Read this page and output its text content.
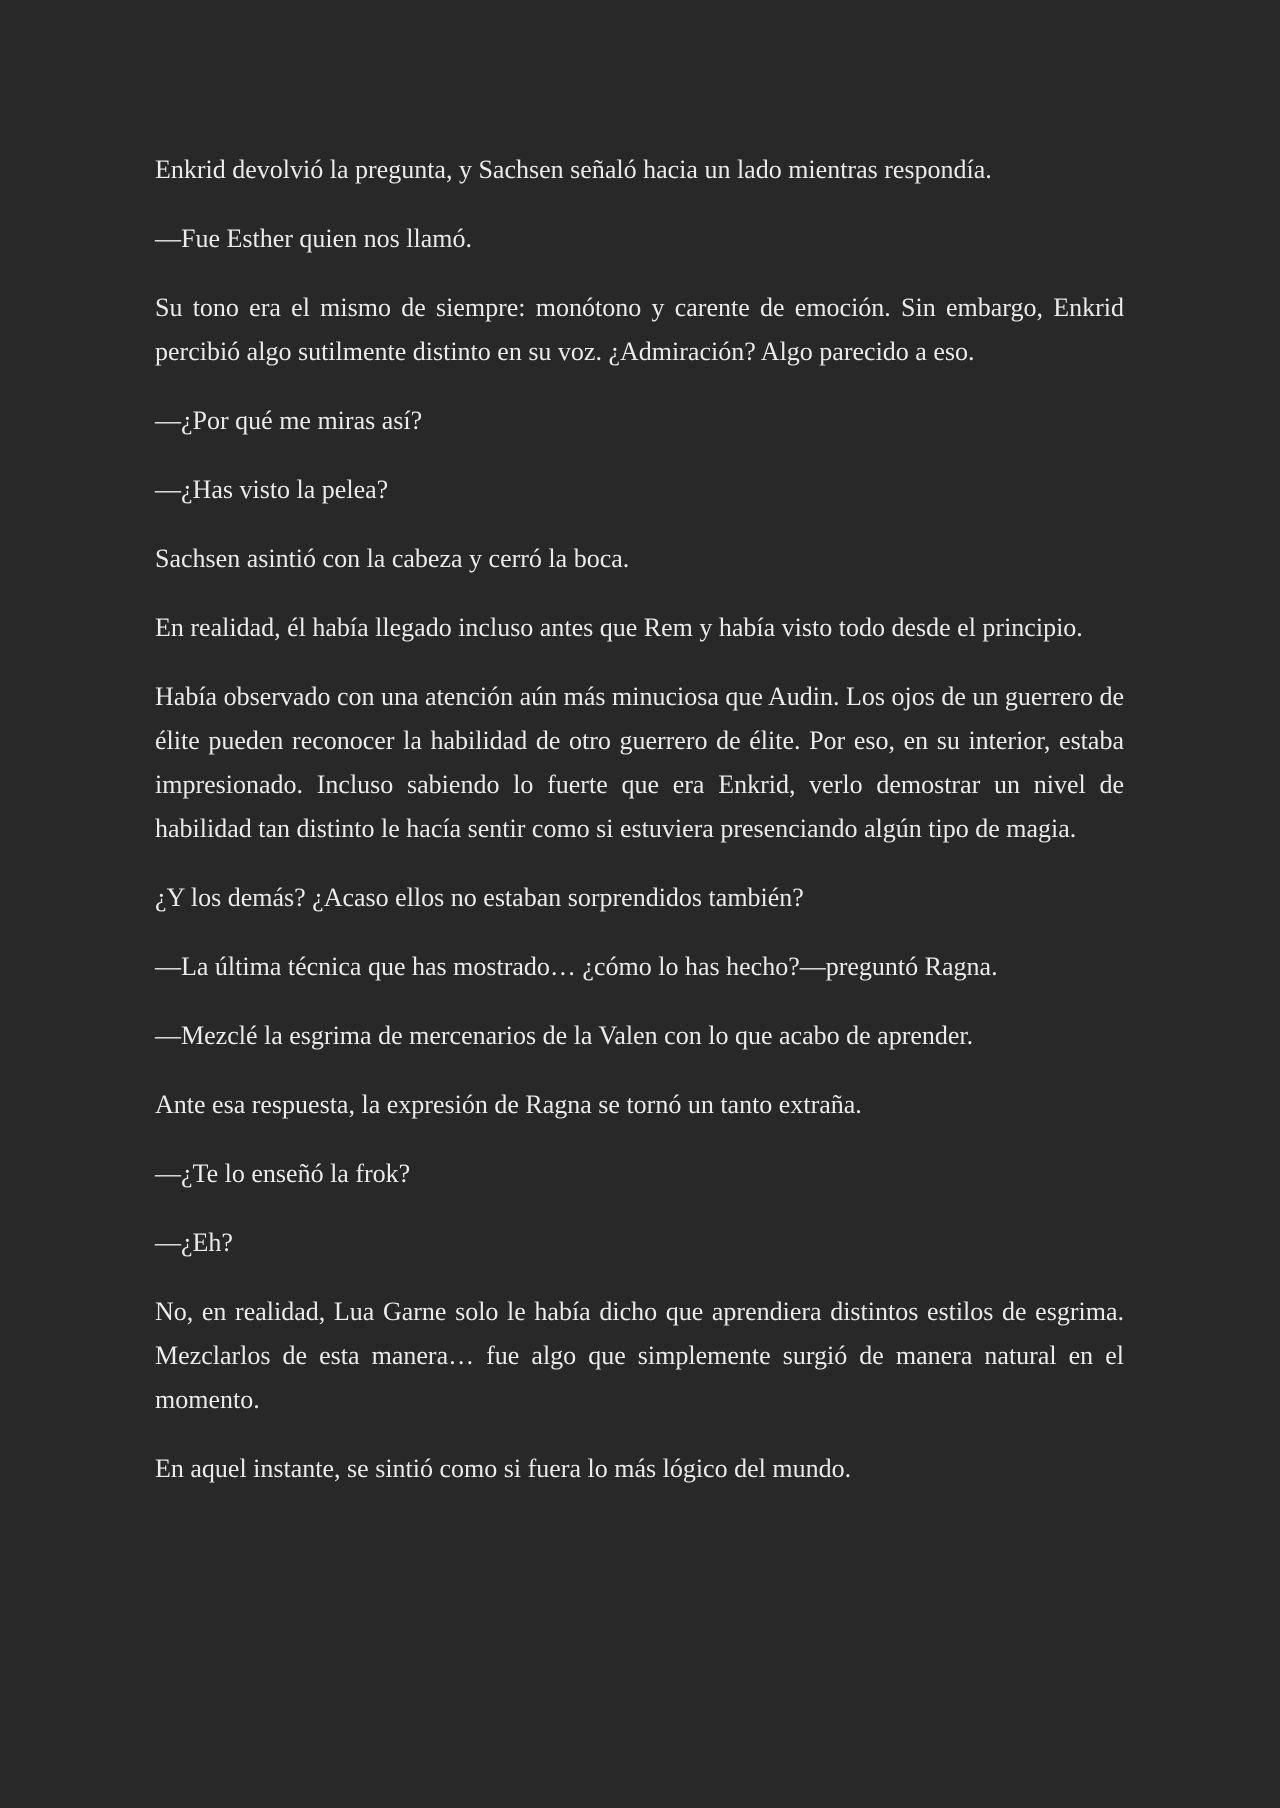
Enkrid devolvió la pregunta, y Sachsen señaló hacia un lado mientras respondía.

—Fue Esther quien nos llamó.

Su tono era el mismo de siempre: monótono y carente de emoción. Sin embargo, Enkrid percibió algo sutilmente distinto en su voz. ¿Admiración? Algo parecido a eso.

—¿Por qué me miras así?

—¿Has visto la pelea?

Sachsen asintió con la cabeza y cerró la boca.

En realidad, él había llegado incluso antes que Rem y había visto todo desde el principio.

Había observado con una atención aún más minuciosa que Audin. Los ojos de un guerrero de élite pueden reconocer la habilidad de otro guerrero de élite. Por eso, en su interior, estaba impresionado. Incluso sabiendo lo fuerte que era Enkrid, verlo demostrar un nivel de habilidad tan distinto le hacía sentir como si estuviera presenciando algún tipo de magia.

¿Y los demás? ¿Acaso ellos no estaban sorprendidos también?

—La última técnica que has mostrado… ¿cómo lo has hecho?—preguntó Ragna.

—Mezclé la esgrima de mercenarios de la Valen con lo que acabo de aprender.

Ante esa respuesta, la expresión de Ragna se tornó un tanto extraña.

—¿Te lo enseñó la frok?

—¿Eh?

No, en realidad, Lua Garne solo le había dicho que aprendiera distintos estilos de esgrima. Mezclarlos de esta manera… fue algo que simplemente surgió de manera natural en el momento.

En aquel instante, se sintió como si fuera lo más lógico del mundo.
